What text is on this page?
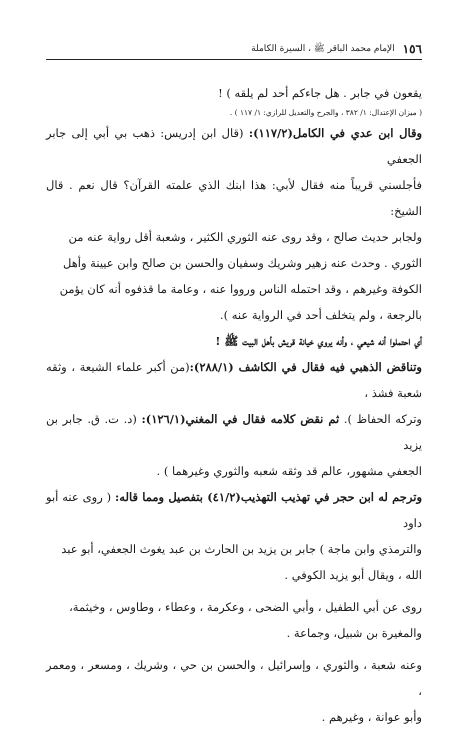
١٥٦
الإمام محمد الباقر ﷺ ، السيرة الكاملة

يقعون في جابر . هل جاءكم أحد لم يلقه ) !

( ميزان الإعتدال: ١/ ٣٨٢ ، والجرح والتعديل للرازي: ١/ ١١٧ ) .

وقال ابن عدي في الكامل(١١٧/٢): (قال ابن إدريس: ذهب بي أبي إلى جابر الجعفي

فأجلسني قريباً منه فقال لأبي: هذا ابنك الذي علمته القرآن؟ قال نعم . قال الشيخ:

ولجابر حديث صالح ، وقد روى عنه الثوري الكثير ، وشعبة أقل رواية عنه من

الثوري . وحدث عنه زهير وشريك وسفيان والحسن بن صالح وابن عيينة وأهل

الكوفة وغيرهم ، وقد احتمله الناس ورووا عنه ، وعامة ما قذفوه أنه كان يؤمن

بالرجعة ، ولم يتخلف أحد في الرواية عنه ).

أي احتملوا أنه شيعي ، وأنه يروي خيانة قريش بأهل البيت ﷺ !

وتناقض الذهبي فيه فقال في الكاشف (٢٨٨/١):(من أكبر علماء الشيعة ، وثقه شعبة فشذ ،

وتركه الحفاظ ). ثم نقض كلامه فقال في المغني(١٢٦/١): (د. ت. ق. جابر بن يزيد

الجعفي مشهور، عالم قد وثقه شعبه والثوري وغيرهما ) .

وترجم له ابن حجر في تهذيب التهذيب(٤١/٢) بتفصيل ومما قاله: ( روى عنه أبو داود

والترمذي وابن ماجة ) جابر بن يزيد بن الحارث بن عبد يغوث الجعفي، أبو عبد

الله ، ويقال أبو يزيد الكوفي .

روى عن أبي الطفيل ، وأبي الضحى ، وعكرمة ، وعطاء ، وطاوس ، وخيثمة،

والمغيرة بن شبيل، وجماعة .

وعنه شعبة ، والثوري ، وإسرائيل ، والحسن بن حي ، وشريك ، ومسعر ، ومعمر ،

وأبو عوانة ، وغيرهم .
